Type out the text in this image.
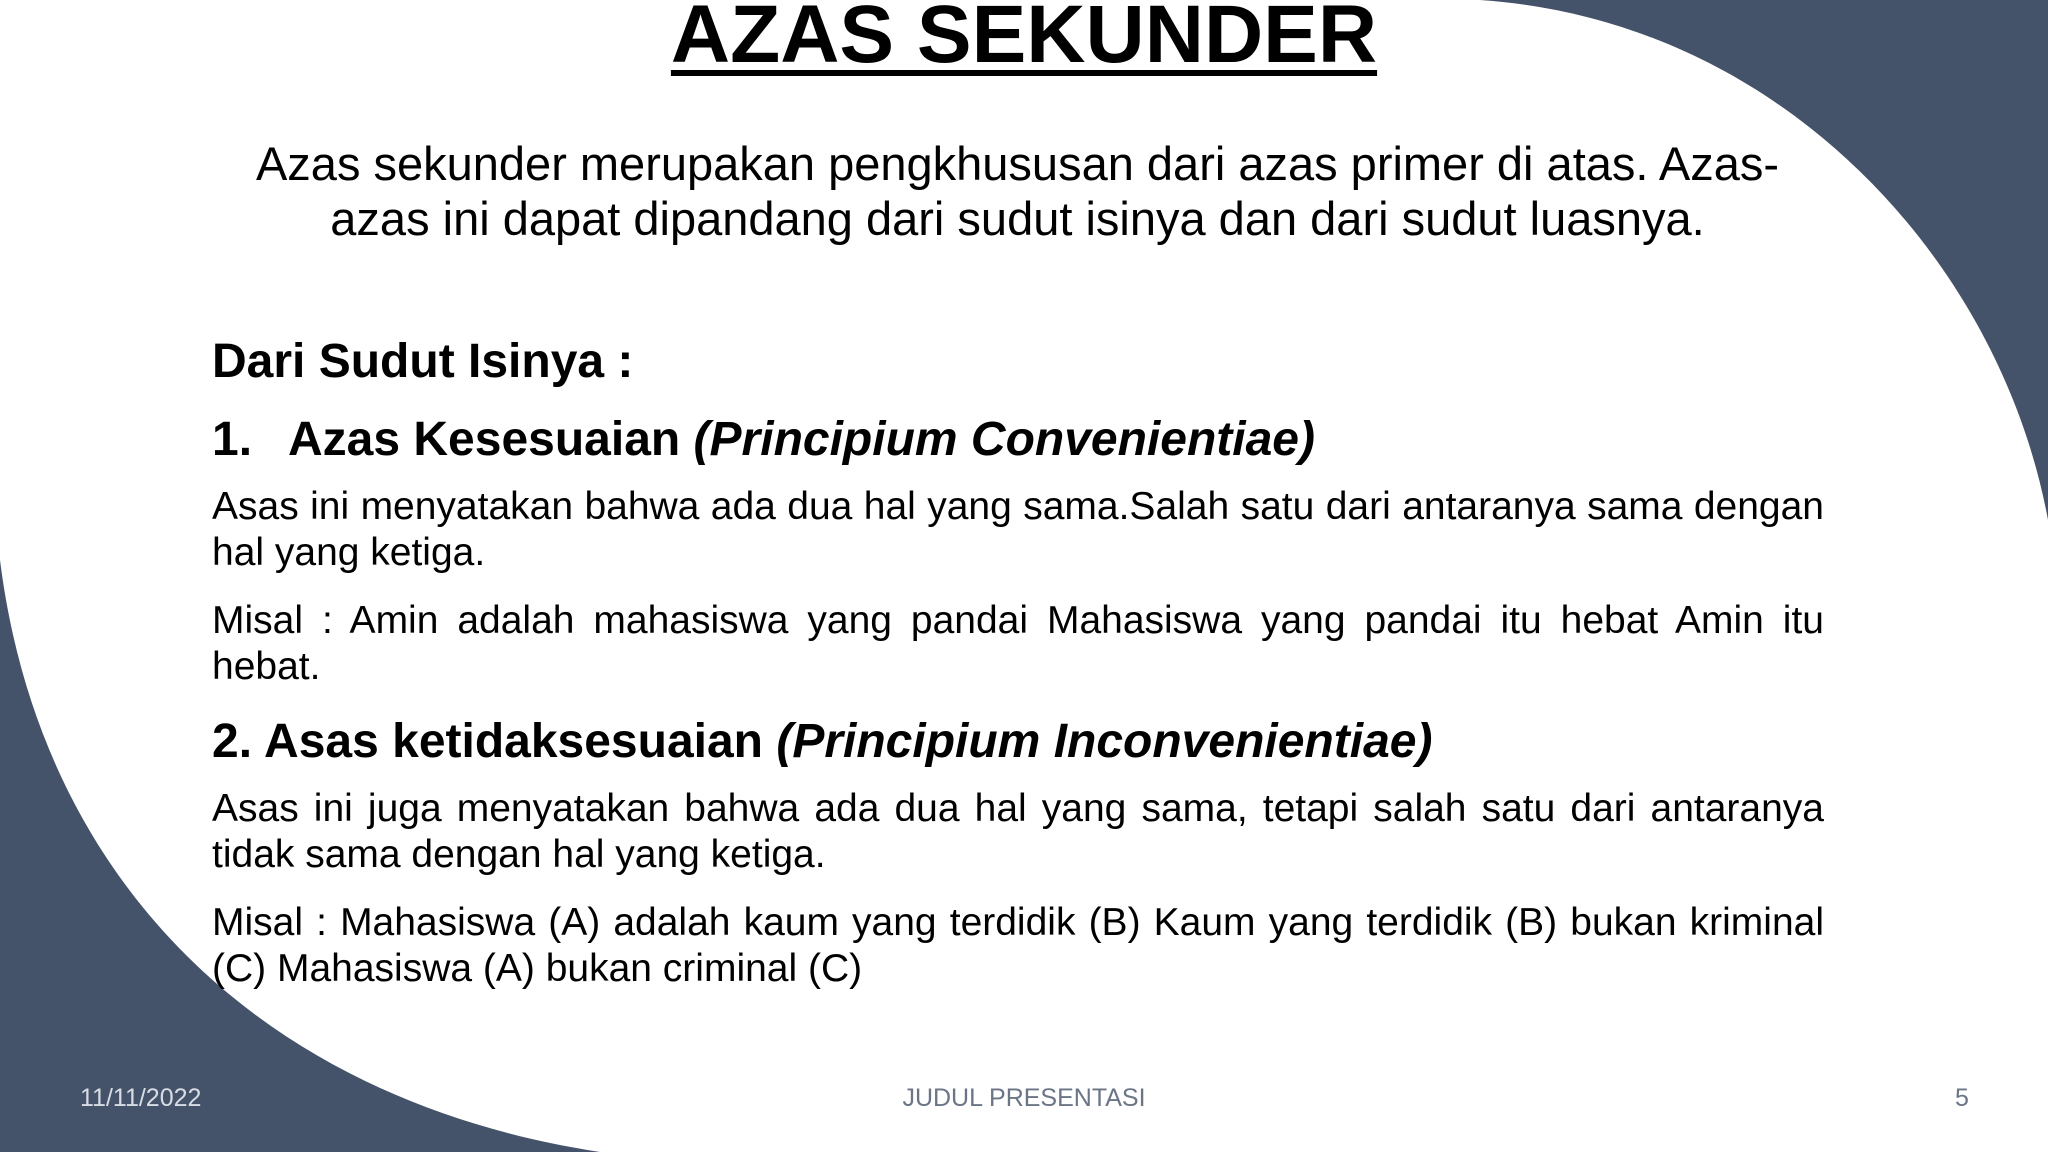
AZAS SEKUNDER

Azas sekunder merupakan pengkhususan dari azas primer di atas. Azas-azas ini dapat dipandang dari sudut isinya dan dari sudut luasnya.

Dari Sudut Isinya :

1. Azas Kesesuaian (Principium Convenientiae)

Asas ini menyatakan bahwa ada dua hal yang sama.Salah satu dari antaranya sama dengan hal yang ketiga.

Misal : Amin adalah mahasiswa yang pandai Mahasiswa yang pandai itu hebat Amin itu hebat.

2. Asas ketidaksesuaian (Principium Inconvenientiae)

Asas ini juga menyatakan bahwa ada dua hal yang sama, tetapi salah satu dari antaranya tidak sama dengan hal yang ketiga.

Misal : Mahasiswa (A) adalah kaum yang terdidik (B) Kaum yang terdidik (B) bukan kriminal (C) Mahasiswa (A) bukan criminal (C)

11/11/2022	JUDUL PRESENTASI	5
